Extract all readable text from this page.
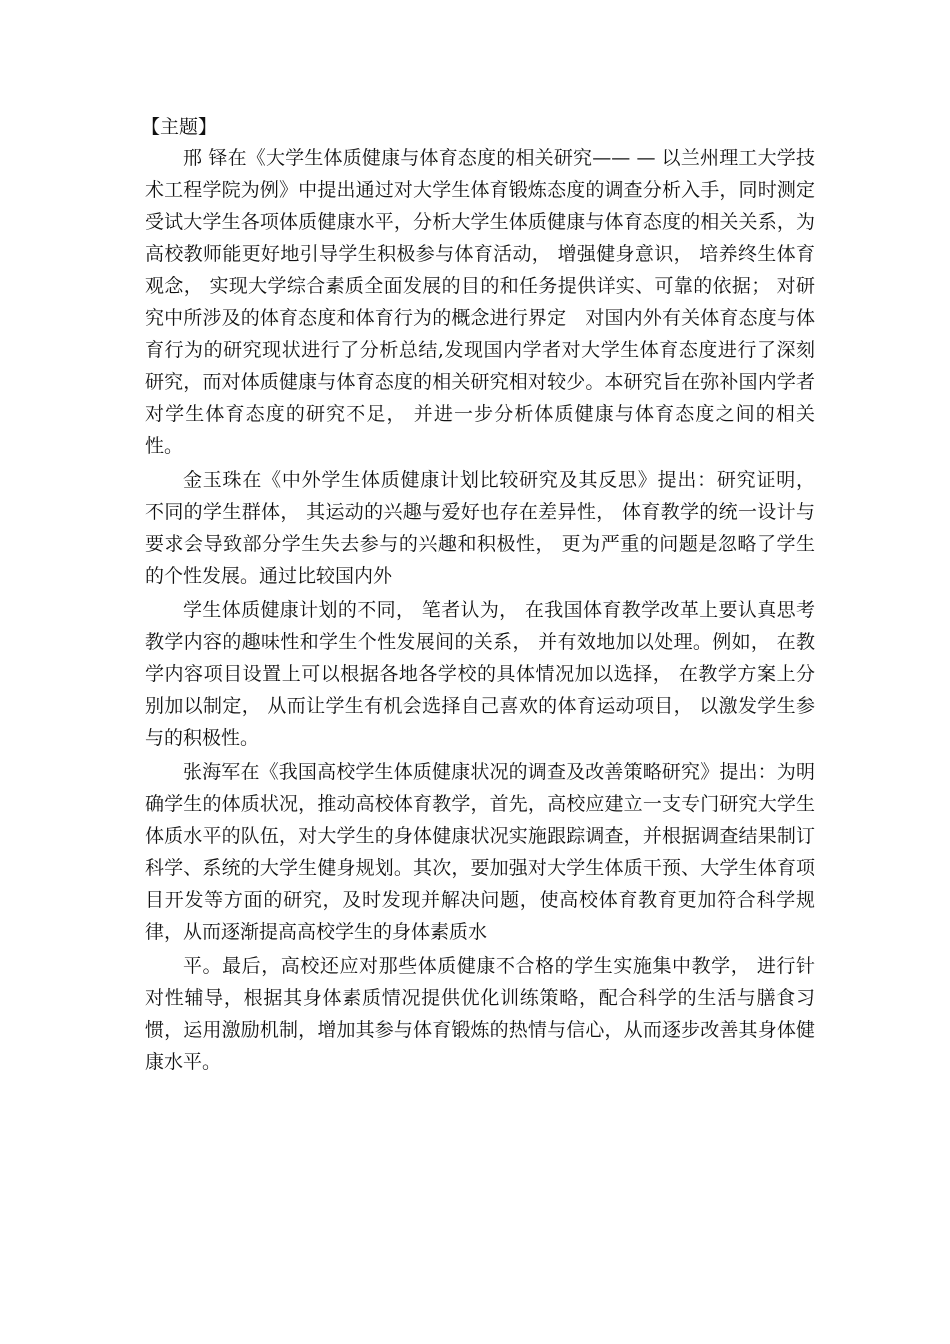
【主题】

邢 铎在《大学生体质健康与体育态度的相关研究—— — 以兰州理工大学技术工程学院为例》中提出通过对大学生体育锻炼态度的调查分析入手，同时测定受试大学生各项体质健康水平，分析大学生体质健康与体育态度的相关关系，为高校教师能更好地引导学生积极参与体育活动， 增强健身意识， 培养终生体育观念， 实现大学综合素质全面发展的目的和任务提供详实、可靠的依据； 对研究中所涉及的体育态度和体育行为的概念进行界定　对国内外有关体育态度与体育行为的研究现状进行了分析总结,发现国内学者对大学生体育态度进行了深刻研究，而对体质健康与体育态度的相关研究相对较少。本研究旨在弥补国内学者对学生体育态度的研究不足， 并进一步分析体质健康与体育态度之间的相关性。

金玉珠在《中外学生体质健康计划比较研究及其反思》提出：研究证明， 不同的学生群体， 其运动的兴趣与爱好也存在差异性， 体育教学的统一设计与要求会导致部分学生失去参与的兴趣和积极性， 更为严重的问题是忽略了学生的个性发展。通过比较国内外

学生体质健康计划的不同， 笔者认为， 在我国体育教学改革上要认真思考教学内容的趣味性和学生个性发展间的关系， 并有效地加以处理。例如， 在教学内容项目设置上可以根据各地各学校的具体情况加以选择， 在教学方案上分别加以制定， 从而让学生有机会选择自己喜欢的体育运动项目， 以激发学生参与的积极性。

张海军在《我国高校学生体质健康状况的调查及改善策略研究》提出：为明确学生的体质状况，推动高校体育教学，首先，高校应建立一支专门研究大学生体质水平的队伍，对大学生的身体健康状况实施跟踪调查，并根据调查结果制订科学、系统的大学生健身规划。其次，要加强对大学生体质干预、大学生体育项目开发等方面的研究，及时发现并解决问题，使高校体育教育更加符合科学规律，从而逐渐提高高校学生的身体素质水

平。最后，高校还应对那些体质健康不合格的学生实施集中教学， 进行针对性辅导，根据其身体素质情况提供优化训练策略，配合科学的生活与膳食习惯，运用激励机制，增加其参与体育锻炼的热情与信心，从而逐步改善其身体健康水平。
